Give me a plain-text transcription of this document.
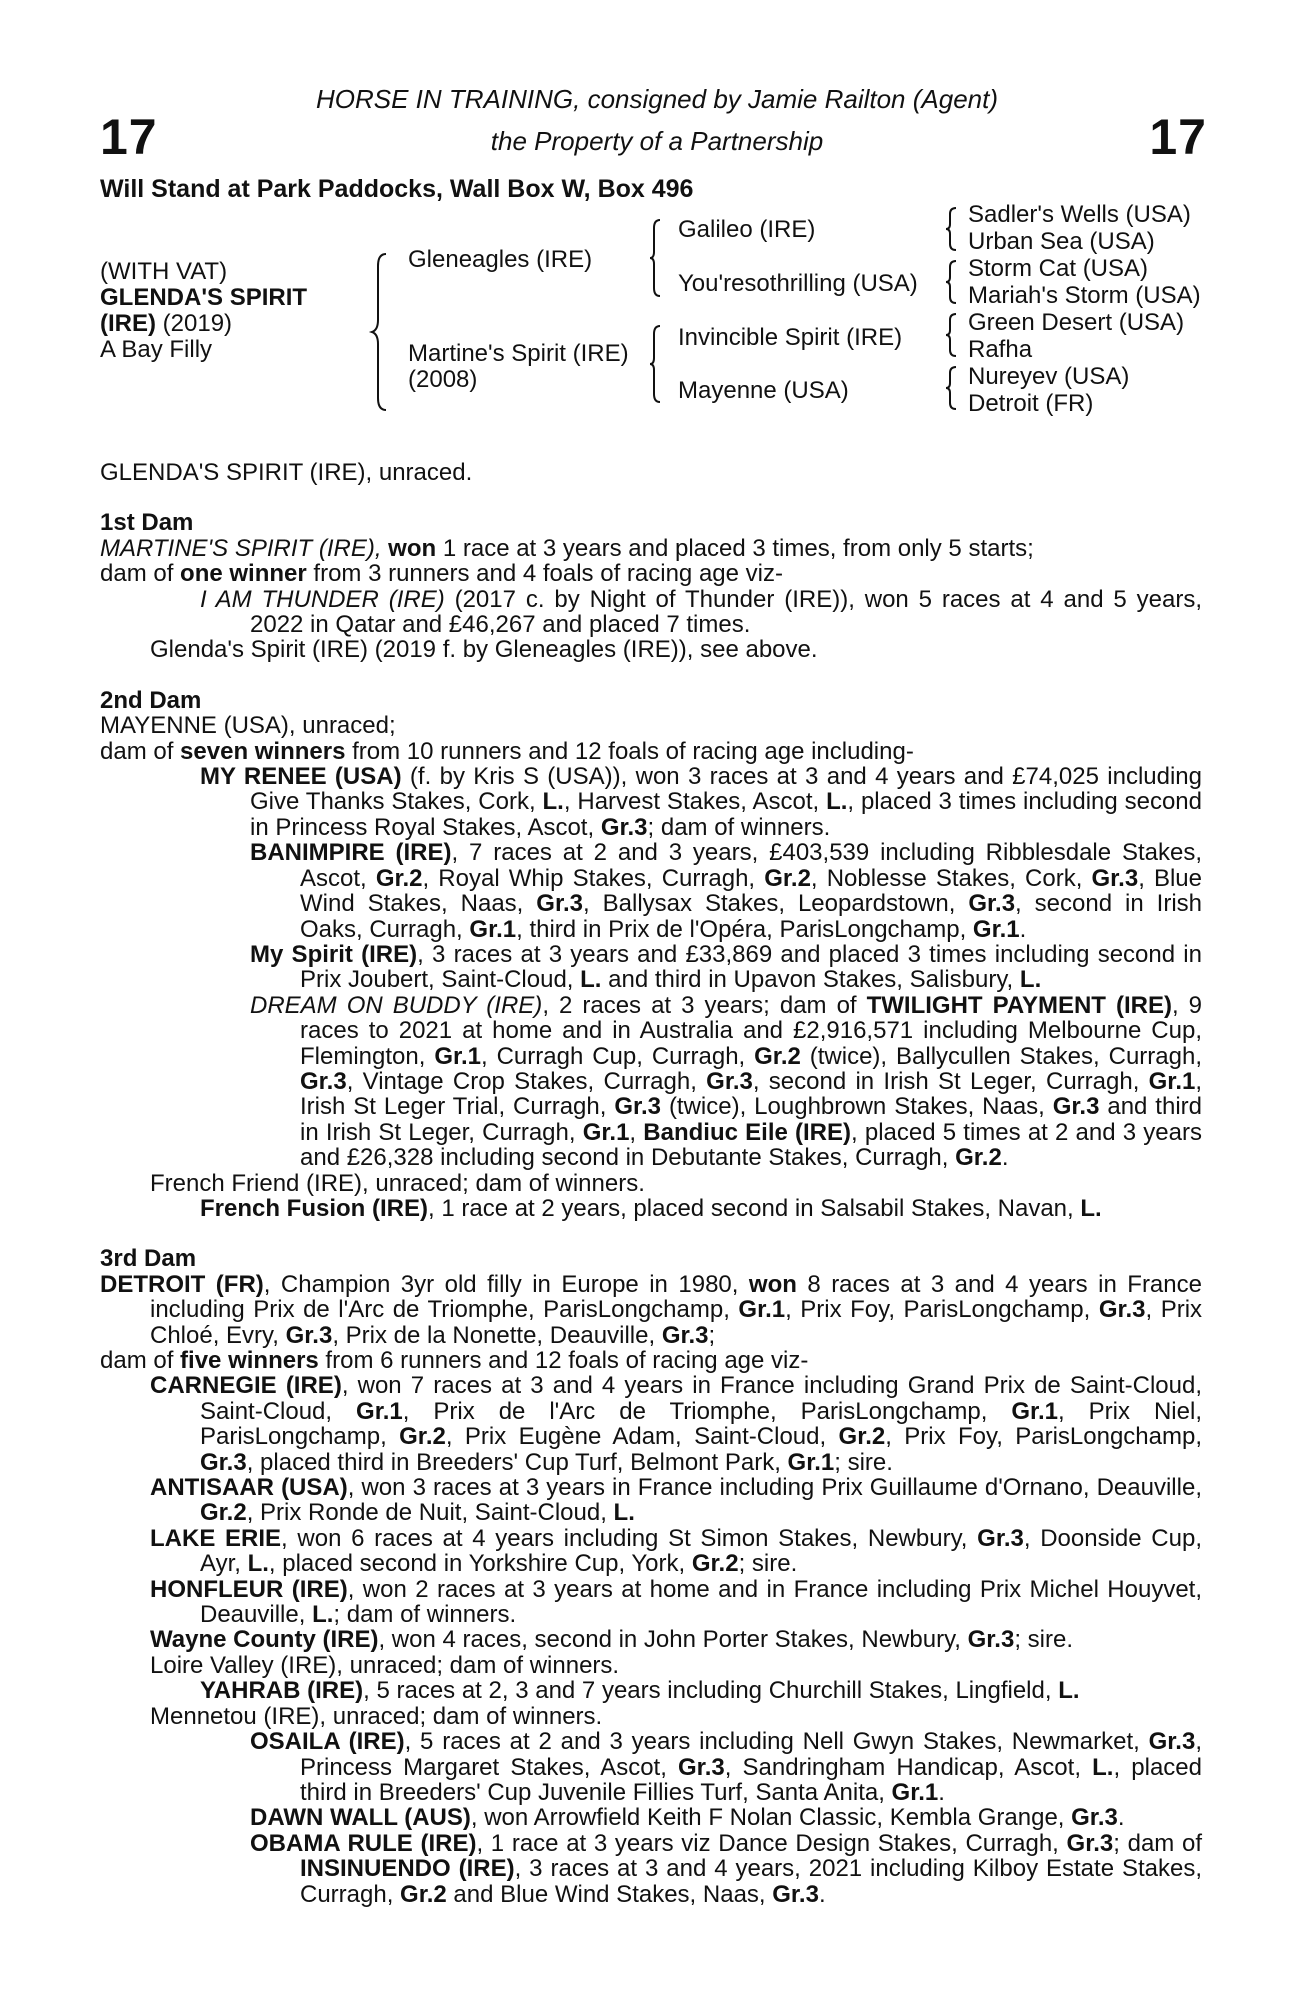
17	17
HORSE IN TRAINING, consigned by Jamie Railton (Agent)
the Property of a Partnership
Will Stand at Park Paddocks, Wall Box W, Box 496
(WITH VAT)
GLENDA'S SPIRIT
(IRE) (2019)
A Bay Filly
Gleneagles (IRE)
Martine's Spirit (IRE)
(2008)
Galileo (IRE)
You'resothrilling (USA)
Invincible Spirit (IRE)
Mayenne (USA)
Sadler's Wells (USA)
Urban Sea (USA)
Storm Cat (USA)
Mariah's Storm (USA)
Green Desert (USA)
Rafha
Nureyev (USA)
Detroit (FR)

GLENDA'S SPIRIT (IRE), unraced.

1st Dam

MARTINE'S SPIRIT (IRE), won 1 race at 3 years and placed 3 times, from only 5 starts;

dam of one winner from 3 runners and 4 foals of racing age viz-

I AM THUNDER (IRE) (2017 c. by Night of Thunder (IRE)), won 5 races at 4 and 5 years, 2022 in Qatar and £46,267 and placed 7 times.

Glenda's Spirit (IRE) (2019 f. by Gleneagles (IRE)), see above.

2nd Dam

MAYENNE (USA), unraced;

dam of seven winners from 10 runners and 12 foals of racing age including-

MY RENEE (USA) (f. by Kris S (USA)), won 3 races at 3 and 4 years and £74,025 including Give Thanks Stakes, Cork, L., Harvest Stakes, Ascot, L., placed 3 times including second in Princess Royal Stakes, Ascot, Gr.3; dam of winners.

BANIMPIRE (IRE), 7 races at 2 and 3 years, £403,539 including Ribblesdale Stakes, Ascot, Gr.2, Royal Whip Stakes, Curragh, Gr.2, Noblesse Stakes, Cork, Gr.3, Blue Wind Stakes, Naas, Gr.3, Ballysax Stakes, Leopardstown, Gr.3, second in Irish Oaks, Curragh, Gr.1, third in Prix de l'Opéra, ParisLongchamp, Gr.1.

My Spirit (IRE), 3 races at 3 years and £33,869 and placed 3 times including second in Prix Joubert, Saint-Cloud, L. and third in Upavon Stakes, Salisbury, L.

DREAM ON BUDDY (IRE), 2 races at 3 years; dam of TWILIGHT PAYMENT (IRE), 9 races to 2021 at home and in Australia and £2,916,571 including Melbourne Cup, Flemington, Gr.1, Curragh Cup, Curragh, Gr.2 (twice), Ballycullen Stakes, Curragh, Gr.3, Vintage Crop Stakes, Curragh, Gr.3, second in Irish St Leger, Curragh, Gr.1, Irish St Leger Trial, Curragh, Gr.3 (twice), Loughbrown Stakes, Naas, Gr.3 and third in Irish St Leger, Curragh, Gr.1, Bandiuc Eile (IRE), placed 5 times at 2 and 3 years and £26,328 including second in Debutante Stakes, Curragh, Gr.2.

French Friend (IRE), unraced; dam of winners.

French Fusion (IRE), 1 race at 2 years, placed second in Salsabil Stakes, Navan, L.

3rd Dam

DETROIT (FR), Champion 3yr old filly in Europe in 1980, won 8 races at 3 and 4 years in France including Prix de l'Arc de Triomphe, ParisLongchamp, Gr.1, Prix Foy, ParisLongchamp, Gr.3, Prix Chloé, Evry, Gr.3, Prix de la Nonette, Deauville, Gr.3;

dam of five winners from 6 runners and 12 foals of racing age viz-

CARNEGIE (IRE), won 7 races at 3 and 4 years in France including Grand Prix de Saint-Cloud, Saint-Cloud, Gr.1, Prix de l'Arc de Triomphe, ParisLongchamp, Gr.1, Prix Niel, ParisLongchamp, Gr.2, Prix Eugène Adam, Saint-Cloud, Gr.2, Prix Foy, ParisLongchamp, Gr.3, placed third in Breeders' Cup Turf, Belmont Park, Gr.1; sire.

ANTISAAR (USA), won 3 races at 3 years in France including Prix Guillaume d'Ornano, Deauville, Gr.2, Prix Ronde de Nuit, Saint-Cloud, L.

LAKE ERIE, won 6 races at 4 years including St Simon Stakes, Newbury, Gr.3, Doonside Cup, Ayr, L., placed second in Yorkshire Cup, York, Gr.2; sire.

HONFLEUR (IRE), won 2 races at 3 years at home and in France including Prix Michel Houyvet, Deauville, L.; dam of winners.

Wayne County (IRE), won 4 races, second in John Porter Stakes, Newbury, Gr.3; sire.

Loire Valley (IRE), unraced; dam of winners.

YAHRAB (IRE), 5 races at 2, 3 and 7 years including Churchill Stakes, Lingfield, L.

Mennetou (IRE), unraced; dam of winners.

OSAILA (IRE), 5 races at 2 and 3 years including Nell Gwyn Stakes, Newmarket, Gr.3, Princess Margaret Stakes, Ascot, Gr.3, Sandringham Handicap, Ascot, L., placed third in Breeders' Cup Juvenile Fillies Turf, Santa Anita, Gr.1.

DAWN WALL (AUS), won Arrowfield Keith F Nolan Classic, Kembla Grange, Gr.3.

OBAMA RULE (IRE), 1 race at 3 years viz Dance Design Stakes, Curragh, Gr.3; dam of INSINUENDO (IRE), 3 races at 3 and 4 years, 2021 including Kilboy Estate Stakes, Curragh, Gr.2 and Blue Wind Stakes, Naas, Gr.3.
